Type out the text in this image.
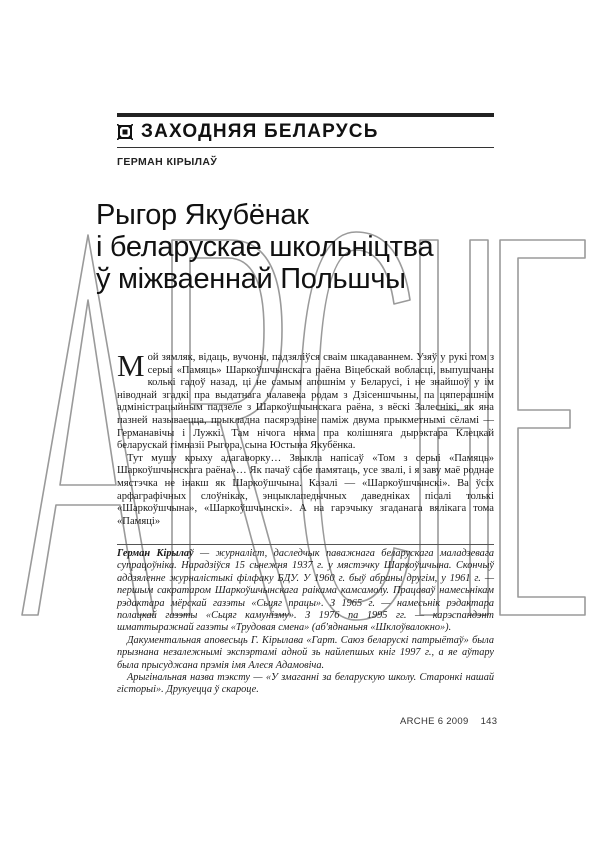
ЗАХОДНЯЯ БЕЛАРУСЬ
ГЕРМАН КІРЫЛАЎ
Рыгор Якубёнак
і беларускае школьніцтва
ў міжваеннай Польшчы

Мой зямляк, відаць, вучоны, падзяліўся сваім шкадаваннем. Узяў у рукі том з серыі «Памяць» Шаркоўшчынскага раёна Віцебскай вобласці, выпушчаны колькі гадоў назад, ці не самым апошнім у Беларусі, і не знайшоў у ім ніводнай згадкі пра выдатнага чалавека родам з Дзісеншчыны, па цяперашнім адміністрацыйным падзеле з Шаркоўшчынскага раёна, з вёскі Залеснікі, як яна пазней называецца, прыкладна пасярэдзіне паміж двума прыкметнымі сёламі — Германавічы і Лужкі. Там нічога няма пра колішняга дырэктара Клецкай беларускай гімназіі Рыгора, сына Юстына Якубёнка.

Тут мушу крыху адагаворку… Звыкла напісаў «Том з серыі «Памяць» Шаркоўшчынскага раёна»… Як пачаў сабе памятаць, усе звалі, і я заву маё роднае мястэчка не інакш як Шаркоўшчына. Казалі — «Шаркоўшчынскі». Ва ўсіх арфаграфічных слоўніках, энцыклапедычных даведніках пісалі толькі «Шаркоўшчына», «Шаркоўшчынскі». А на гарэчыку згаданага вялікага тома «Памяці»

Герман Кірылаў — журналіст, даследчык паважнага беларускага маладзевага супрацоўніка. Нарадзіўся 15 сьнежня 1937 г. у мястэчку Шаркоўшчына. Скончыў аддзяленне журналістыкі філфаку БДУ. У 1960 г. быў абраны другім, у 1961 г. — першым сакратаром Шаркоўшчынскага раікама камсамолу. Працаваў намесьнікам рэдактара мёрскай газэты «Сьцяг працы». З 1965 г. — намесьнік рэдактара полацкай газэты «Сьцяг камунізму». З 1976 па 1995 гг. — карэспандэнт шматтыражнай газэты «Трудовая смена» (аб'яднаньня «Шклоўвалокно»).

Дакументальная аповесьць Г. Кірылава «Гарт. Саюз беларускі патрыётаў» была прызнана незалежнымі экспэртамі адной зь найлепшых кніг 1997 г., а яе аўтару была прысуджана прэмія імя Алеся Адамовіча.

Арыгінальная назва тэксту — «У змаганні за беларускую школу. Старонкі нашай гісторыі». Друкуецца ў скароце.

ARCHE 6 2009 143
